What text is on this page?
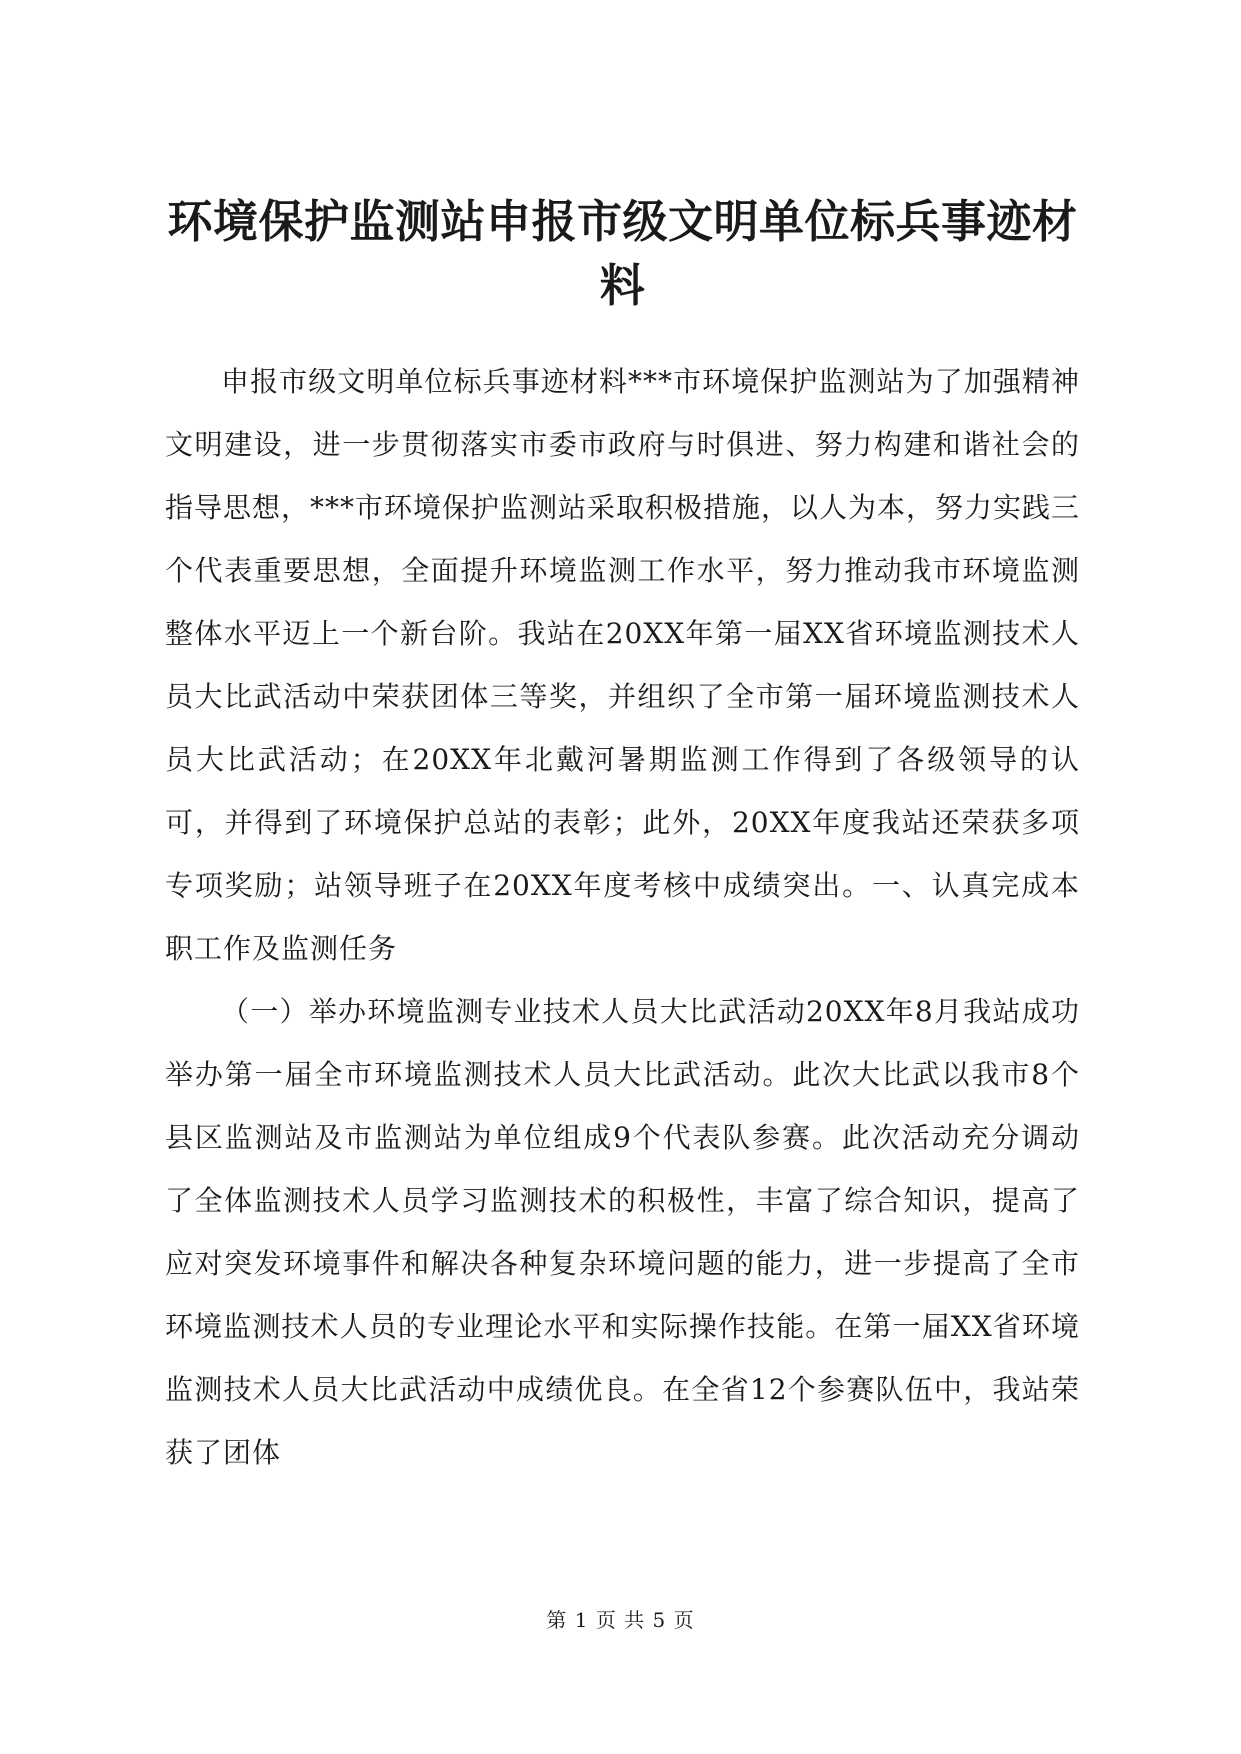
环境保护监测站申报市级文明单位标兵事迹材料

申报市级文明单位标兵事迹材料***市环境保护监测站为了加强精神文明建设，进一步贯彻落实市委市政府与时俱进、努力构建和谐社会的指导思想，***市环境保护监测站采取积极措施，以人为本，努力实践三个代表重要思想，全面提升环境监测工作水平，努力推动我市环境监测整体水平迈上一个新台阶。我站在20XX年第一届XX省环境监测技术人员大比武活动中荣获团体三等奖，并组织了全市第一届环境监测技术人员大比武活动；在20XX年北戴河暑期监测工作得到了各级领导的认可，并得到了环境保护总站的表彰；此外，20XX年度我站还荣获多项专项奖励；站领导班子在20XX年度考核中成绩突出。一、认真完成本职工作及监测任务

（一）举办环境监测专业技术人员大比武活动20XX年8月我站成功举办第一届全市环境监测技术人员大比武活动。此次大比武以我市8个县区监测站及市监测站为单位组成9个代表队参赛。此次活动充分调动了全体监测技术人员学习监测技术的积极性，丰富了综合知识，提高了应对突发环境事件和解决各种复杂环境问题的能力，进一步提高了全市环境监测技术人员的专业理论水平和实际操作技能。在第一届XX省环境监测技术人员大比武活动中成绩优良。在全省12个参赛队伍中，我站荣获了团体

第 1 页 共 5 页
